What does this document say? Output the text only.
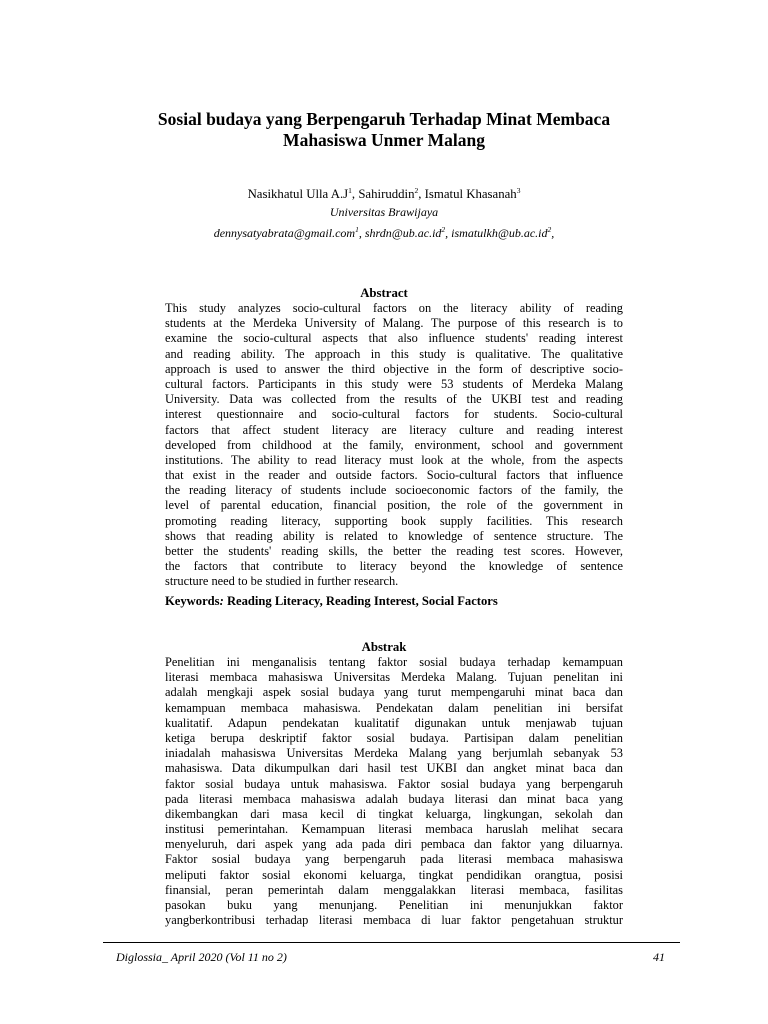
Sosial budaya yang Berpengaruh Terhadap Minat Membaca
Mahasiswa Unmer Malang
Nasikhatul Ulla $A.J^1$, Sahiruddin$^2$, Ismatul Khasanah$^3$
Universitas Brawijaya
dennysatyabrata@gmail.com$^1$, $shrdn@ub.ac.id^2$, $ismatulkh@ub.ac.id^2$,
Abstract
This study analyzes socio-cultural factors on the literacy ability of reading
students at the Merdeka University of Malang. The purpose of this research is to
examine the socio-cultural aspects that also influence students' reading interest
and reading ability. The approach in this study is qualitative. The qualitative
approach is used to answer the third objective in the form of descriptive socio-
cultural factors. Participants in this study were 53 students of Merdeka Malang
University. Data was collected from the results of the UKBI test and reading
interest questionnaire and socio-cultural factors for students. Socio-cultural
factors that affect student literacy are literacy culture and reading interest
developed from childhood at the family, environment, school and government
institutions. The ability to read literacy must look at the whole, from the aspects
that exist in the reader and outside factors. Socio-cultural factors that influence
the reading literacy of students include socioeconomic factors of the family, the
level of parental education, financial position, the role of the government in
promoting reading literacy, supporting book supply facilities. This research
shows that reading ability is related to knowledge of sentence structure. The
better the students' reading skills, the better the reading test scores. However,
the factors that contribute to literacy beyond the knowledge of sentence
structure need to be studied in further research.
Keywords: Reading Literacy, Reading Interest, Social Factors
Abstrak
Penelitian ini menganalisis tentang faktor sosial budaya terhadap kemampuan
literasi membaca mahasiswa Universitas Merdeka Malang. Tujuan penelitan ini
adalah mengkaji aspek sosial budaya yang turut mempengaruhi minat baca dan
kemampuan membaca mahasiswa. Pendekatan dalam penelitian ini bersifat
kualitatif. Adapun pendekatan kualitatif digunakan untuk menjawab tujuan
ketiga berupa deskriptif faktor sosial budaya. Partisipan dalam penelitian
iniadalah mahasiswa Universitas Merdeka Malang yang berjumlah sebanyak 53
mahasiswa. Data dikumpulkan dari hasil test UKBI dan angket minat baca dan
faktor sosial budaya untuk mahasiswa. Faktor sosial budaya yang berpengaruh
pada literasi membaca mahasiswa adalah budaya literasi dan minat baca yang
dikembangkan dari masa kecil di tingkat keluarga, lingkungan, sekolah dan
institusi pemerintahan. Kemampuan literasi membaca haruslah melihat secara
menyeluruh, dari aspek yang ada pada diri pembaca dan faktor yang diluarnya.
Faktor sosial budaya yang berpengaruh pada literasi membaca mahasiswa
meliputi faktor sosial ekonomi keluarga, tingkat pendidikan orangtua, posisi
finansial, peran pemerintah dalam menggalakkan literasi membaca, fasilitas
pasokan buku yang menunjang. Penelitian ini menunjukkan faktor
yangberkontribusi terhadap literasi membaca di luar faktor pengetahuan struktur
Diglossia_ April 2020 (Vol 11 no 2)	41
